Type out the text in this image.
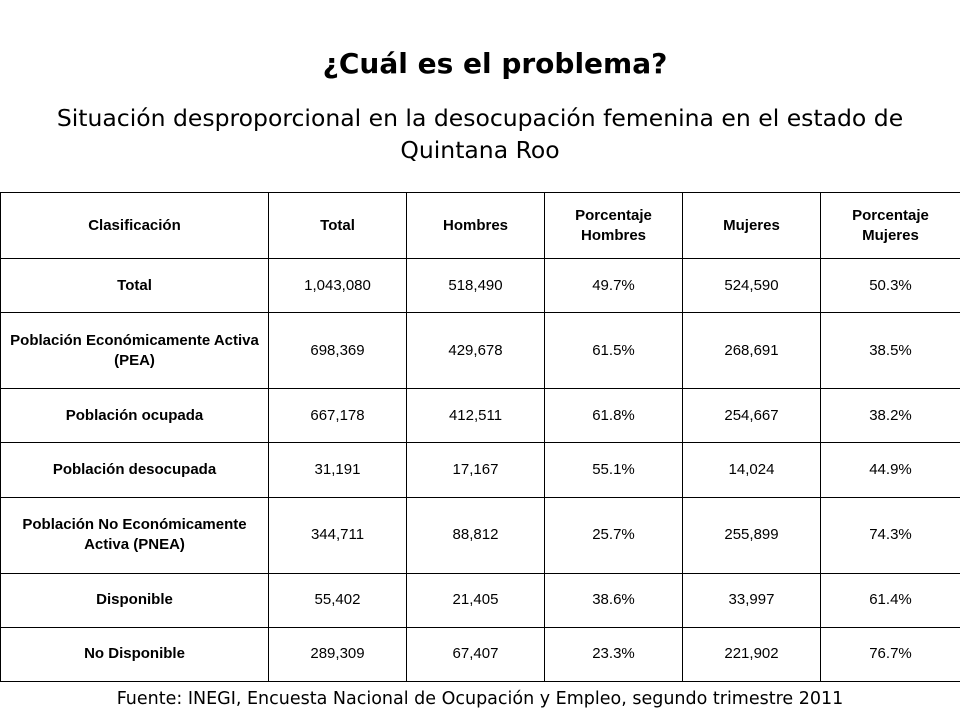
¿Cuál es el problema?
Situación desproporcional en la desocupación femenina en el estado de
Quintana Roo
Clasificación	Total	Hombres	Porcentaje Hombres	Mujeres	Porcentaje Mujeres
Total	1,043,080	518,490	49.7%	524,590	50.3%
Población Económicamente Activa (PEA)	698,369	429,678	61.5%	268,691	38.5%
Población ocupada	667,178	412,511	61.8%	254,667	38.2%
Población desocupada	31,191	17,167	55.1%	14,024	44.9%
Población No Económicamente Activa (PNEA)	344,711	88,812	25.7%	255,899	74.3%
Disponible	55,402	21,405	38.6%	33,997	61.4%
No Disponible	289,309	67,407	23.3%	221,902	76.7%

Fuente: INEGI, Encuesta Nacional de Ocupación y Empleo, segundo trimestre 2011
